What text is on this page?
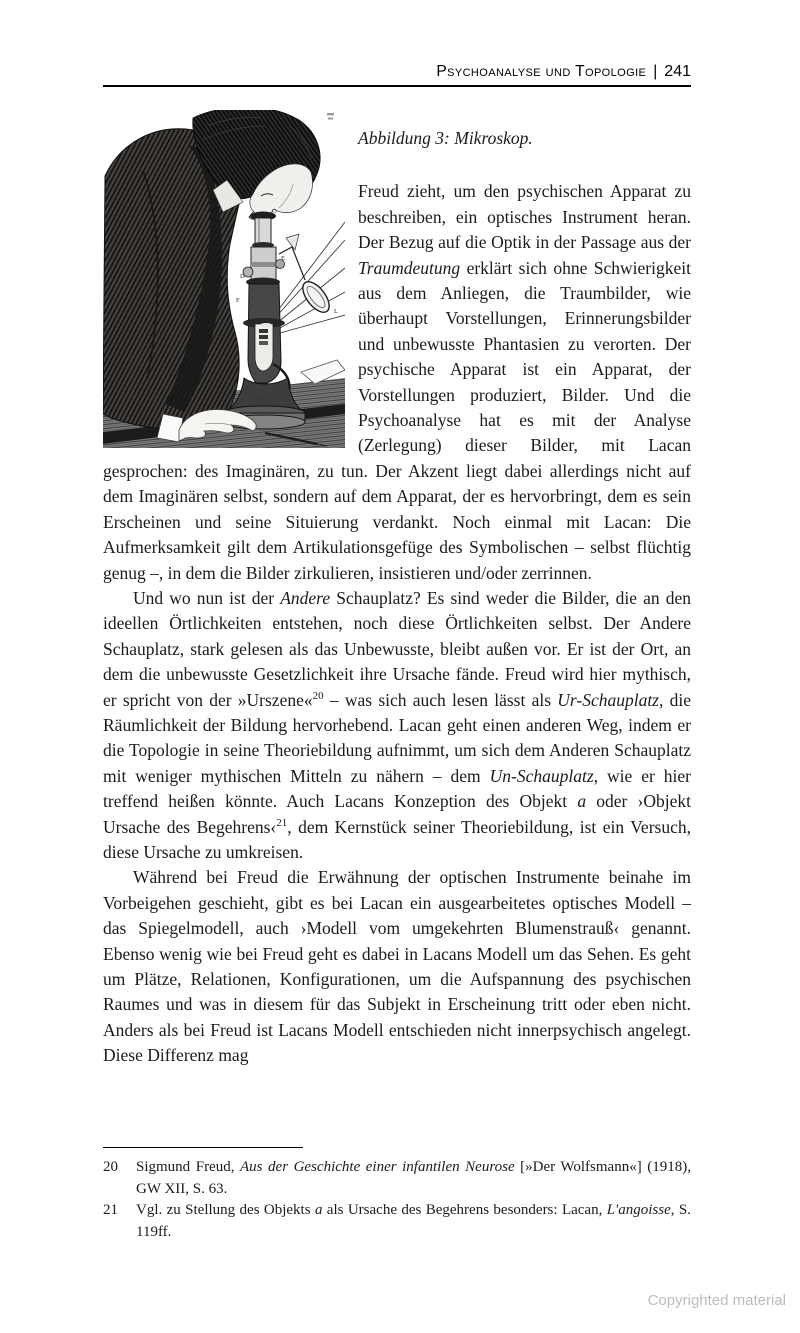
Psychoanalyse und Topologie | 241
O
E
D
F
L
M

Abbildung 3: Mikroskop.

Freud zieht, um den psychischen Apparat zu beschreiben, ein optisches Instrument heran. Der Bezug auf die Optik in der Passage aus der Traumdeutung erklärt sich ohne Schwierigkeit aus dem Anliegen, die Traumbilder, wie überhaupt Vorstellungen, Erinnerungsbilder und unbewusste Phantasien zu verorten. Der psychische Apparat ist ein Apparat, der Vorstellungen produziert, Bilder. Und die Psychoanalyse hat es mit der Analyse (Zerlegung) dieser Bilder, mit Lacan gesprochen: des Imaginären, zu tun. Der Akzent liegt dabei allerdings nicht auf dem Imaginären selbst, sondern auf dem Apparat, der es hervorbringt, dem es sein Erscheinen und seine Situierung verdankt. Noch einmal mit Lacan: Die Aufmerksamkeit gilt dem Artikulationsgefüge des Symbolischen – selbst flüchtig genug –, in dem die Bilder zirkulieren, insistieren und/oder zerrinnen.

Und wo nun ist der Andere Schauplatz? Es sind weder die Bilder, die an den ideellen Örtlichkeiten entstehen, noch diese Örtlichkeiten selbst. Der Andere Schauplatz, stark gelesen als das Unbewusste, bleibt außen vor. Er ist der Ort, an dem die unbewusste Gesetzlichkeit ihre Ursache fände. Freud wird hier mythisch, er spricht von der »Urszene«$^{20}$ – was sich auch lesen lässt als Ur-Schauplatz, die Räumlichkeit der Bildung hervorhebend. Lacan geht einen anderen Weg, indem er die Topologie in seine Theoriebildung aufnimmt, um sich dem Anderen Schauplatz mit weniger mythischen Mitteln zu nähern – dem Un-Schauplatz, wie er hier treffend heißen könnte. Auch Lacans Konzeption des Objekt a oder ›Objekt Ursache des Begehrens‹$^{21}$, dem Kernstück seiner Theoriebildung, ist ein Versuch, diese Ursache zu umkreisen.

Während bei Freud die Erwähnung der optischen Instrumente beinahe im Vorbeigehen geschieht, gibt es bei Lacan ein ausgearbeitetes optisches Modell – das Spiegelmodell, auch ›Modell vom umgekehrten Blumenstrauß‹ genannt. Ebenso wenig wie bei Freud geht es dabei in Lacans Modell um das Sehen. Es geht um Plätze, Relationen, Konfigurationen, um die Aufspannung des psychischen Raumes und was in diesem für das Subjekt in Erscheinung tritt oder eben nicht. Anders als bei Freud ist Lacans Modell entschieden nicht innerpsychisch angelegt. Diese Differenz mag

20	Sigmund Freud, Aus der Geschichte einer infantilen Neurose [»Der Wolfsmann«] (1918), GW XII, S. 63.
21	Vgl. zu Stellung des Objekts a als Ursache des Begehrens besonders: Lacan, L'angoisse, S. 119ff.
Copyrighted material
